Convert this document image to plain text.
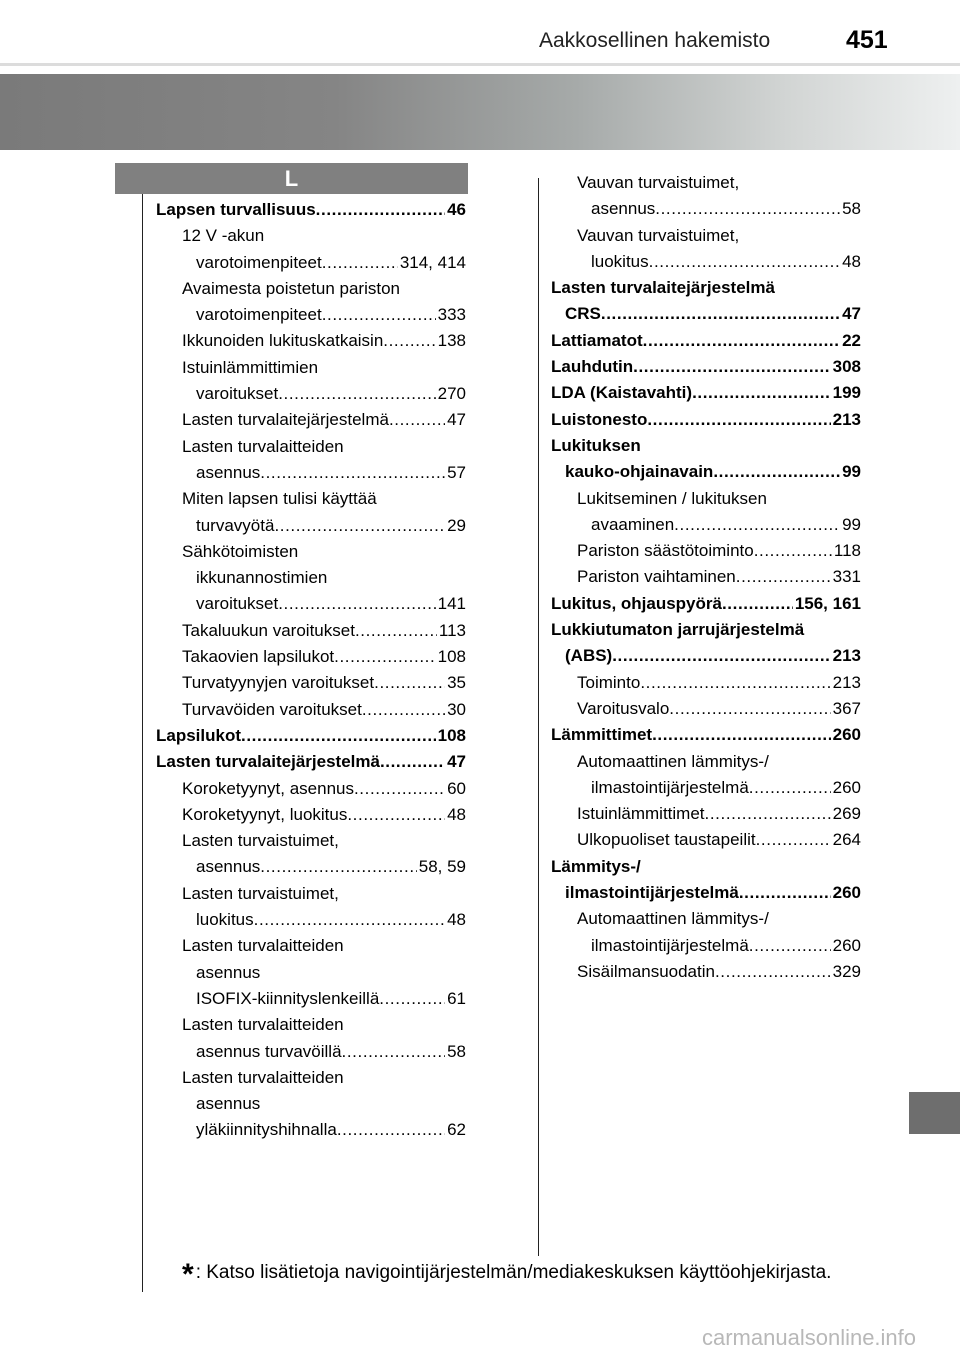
Aakkosellinen hakemisto	451
L
Lapsen turvallisuus .....	46
12 V -akun
varotoimenpiteet .....	314, 414
Avaimesta poistetun pariston
varotoimenpiteet .....	333
Ikkunoiden lukituskatkaisin .....	138
Istuinlämmittimien
varoitukset .....	270
Lasten turvalaitejärjestelmä .....	47
Lasten turvalaitteiden
asennus .....	57
Miten lapsen tulisi käyttää
turvavyötä .....	29
Sähkötoimisten
ikkunannostimien
varoitukset .....	141
Takaluukun varoitukset .....	113
Takaovien lapsilukot .....	108
Turvatyynyjen varoitukset .....	35
Turvavöiden varoitukset .....	30
Lapsilukot .....	108
Lasten turvalaitejärjestelmä .....	47
Koroketyynyt, asennus .....	60
Koroketyynyt, luokitus .....	48
Lasten turvaistuimet,
asennus .....	58, 59
Lasten turvaistuimet,
luokitus .....	48
Lasten turvalaitteiden
asennus
ISOFIX-kiinnityslenkeillä .....	61
Lasten turvalaitteiden
asennus turvavöillä .....	58
Lasten turvalaitteiden
asennus
yläkiinnityshihnalla .....	62
Vauvan turvaistuimet,
asennus .....	58
Vauvan turvaistuimet,
luokitus .....	48
Lasten turvalaitejärjestelmä
CRS .....	47
Lattiamatot .....	22
Lauhdutin .....	308
LDA (Kaistavahti) .....	199
Luistonesto .....	213
Lukituksen
kauko-ohjainavain .....	99
Lukitseminen / lukituksen
avaaminen .....	99
Pariston säästötoiminto .....	118
Pariston vaihtaminen .....	331
Lukitus, ohjauspyörä .....	156, 161
Lukkiutumaton jarrujärjestelmä
(ABS) .....	213
Toiminto .....	213
Varoitusvalo .....	367
Lämmittimet .....	260
Automaattinen lämmitys-/
ilmastointijärjestelmä .....	260
Istuinlämmittimet .....	269
Ulkopuoliset taustapeilit .....	264
Lämmitys-/
ilmastointijärjestelmä .....	260
Automaattinen lämmitys-/
ilmastointijärjestelmä .....	260
Sisäilmansuodatin .....	329
* : Katso lisätietoja navigointijärjestelmän/mediakeskuksen käyttöohjekirjasta.
carmanualsonline.info
